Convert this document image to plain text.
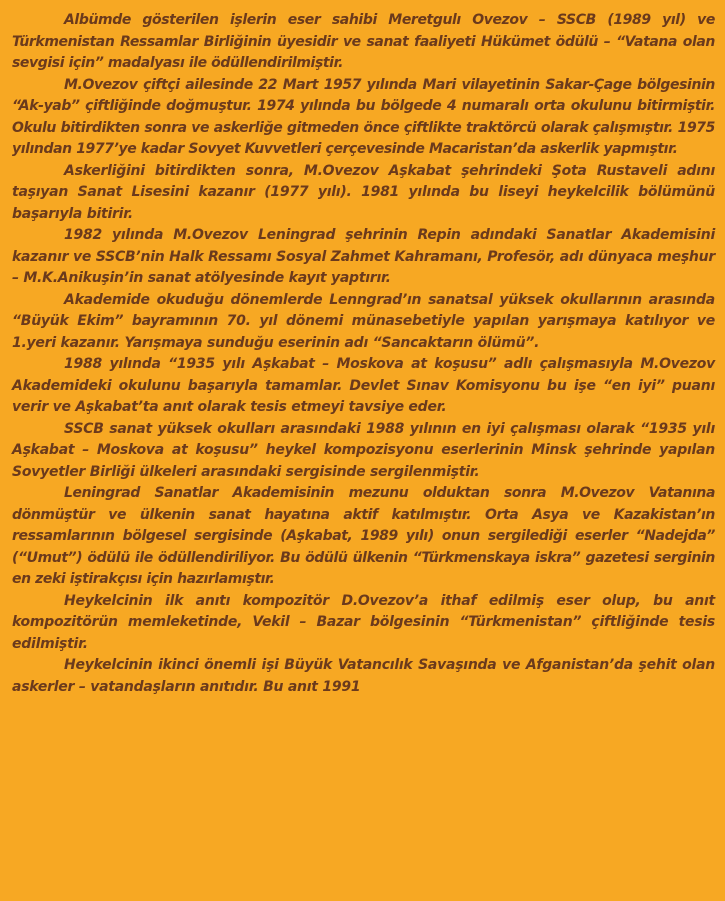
Albümde gösterilen işlerin eser sahibi Meretgulı Ovezov – SSCB (1989 yıl) ve Türkmenistan Ressamlar Birliğinin üyesidir ve sanat faaliyeti Hükümet ödülü – “Vatana olan sevgisi için” madalyası ile ödüllendirilmiştir.

M.Ovezov çiftçi ailesinde 22 Mart 1957 yılında Mari vilayetinin Sakar-Çage bölgesinin “Ak-yab” çiftliğinde doğmuştur. 1974 yılında bu bölgede 4 numaralı orta okulunu bitirmiştir. Okulu bitirdikten sonra ve askerliğe gitmeden önce çiftlikte traktörcü olarak çalışmıştır. 1975 yılından 1977’ye kadar Sovyet Kuvvetleri çerçevesinde Macaristan’da askerlik yapmıştır.

Askerliğini bitirdikten sonra, M.Ovezov Aşkabat şehrindeki Şota Rustaveli adını taşıyan Sanat Lisesini kazanır (1977 yılı). 1981 yılında bu liseyi heykelcilik bölümünü başarıyla bitirir.

1982 yılında M.Ovezov Leningrad şehrinin Repin adındaki Sanatlar Akademisini kazanır ve SSCB’nin Halk Ressamı Sosyal Zahmet Kahramanı, Profesör, adı dünyaca meşhur – M.K.Anikuşin’in sanat atölyesinde kayıt yaptırır.

Akademide okuduğu dönemlerde Lenngrad’ın sanatsal yüksek okullarının arasında “Büyük Ekim” bayramının 70. yıl dönemi münasebetiyle yapılan yarışmaya katılıyor ve 1.yeri kazanır. Yarışmaya sunduğu eserinin adı “Sancaktarın ölümü”.

1988 yılında “1935 yılı Aşkabat – Moskova at koşusu” adlı çalışmasıyla M.Ovezov Akademideki okulunu başarıyla tamamlar. Devlet Sınav Komisyonu bu işe “en iyi” puanı verir ve Aşkabat’ta anıt olarak tesis etmeyi tavsiye eder.

SSCB sanat yüksek okulları arasındaki 1988 yılının en iyi çalışması olarak “1935 yılı Aşkabat – Moskova at koşusu” heykel kompozisyonu eserlerinin Minsk şehrinde yapılan Sovyetler Birliği ülkeleri arasındaki sergisinde sergilenmiştir.

Leningrad Sanatlar Akademisinin mezunu olduktan sonra M.Ovezov Vatanına dönmüştür ve ülkenin sanat hayatına aktif katılmıştır. Orta Asya ve Kazakistan’ın ressamlarının bölgesel sergisinde (Aşkabat, 1989 yılı) onun sergilediği eserler “Nadejda” (“Umut”) ödülü ile ödüllendiriliyor. Bu ödülü ülkenin “Türkmenskaya iskra” gazetesi serginin en zeki iştirakçısı için hazırlamıştır.

Heykelcinin ilk anıtı kompozitör D.Ovezov’a ithaf edilmiş eser olup, bu anıt kompozitörün memleketinde, Vekil – Bazar bölgesinin “Türkmenistan” çiftliğinde tesis edilmiştir.

Heykelcinin ikinci önemli işi Büyük Vatancılık Savaşında ve Afganistan’da şehit olan askerler – vatandaşların anıtıdır. Bu anıt 1991
